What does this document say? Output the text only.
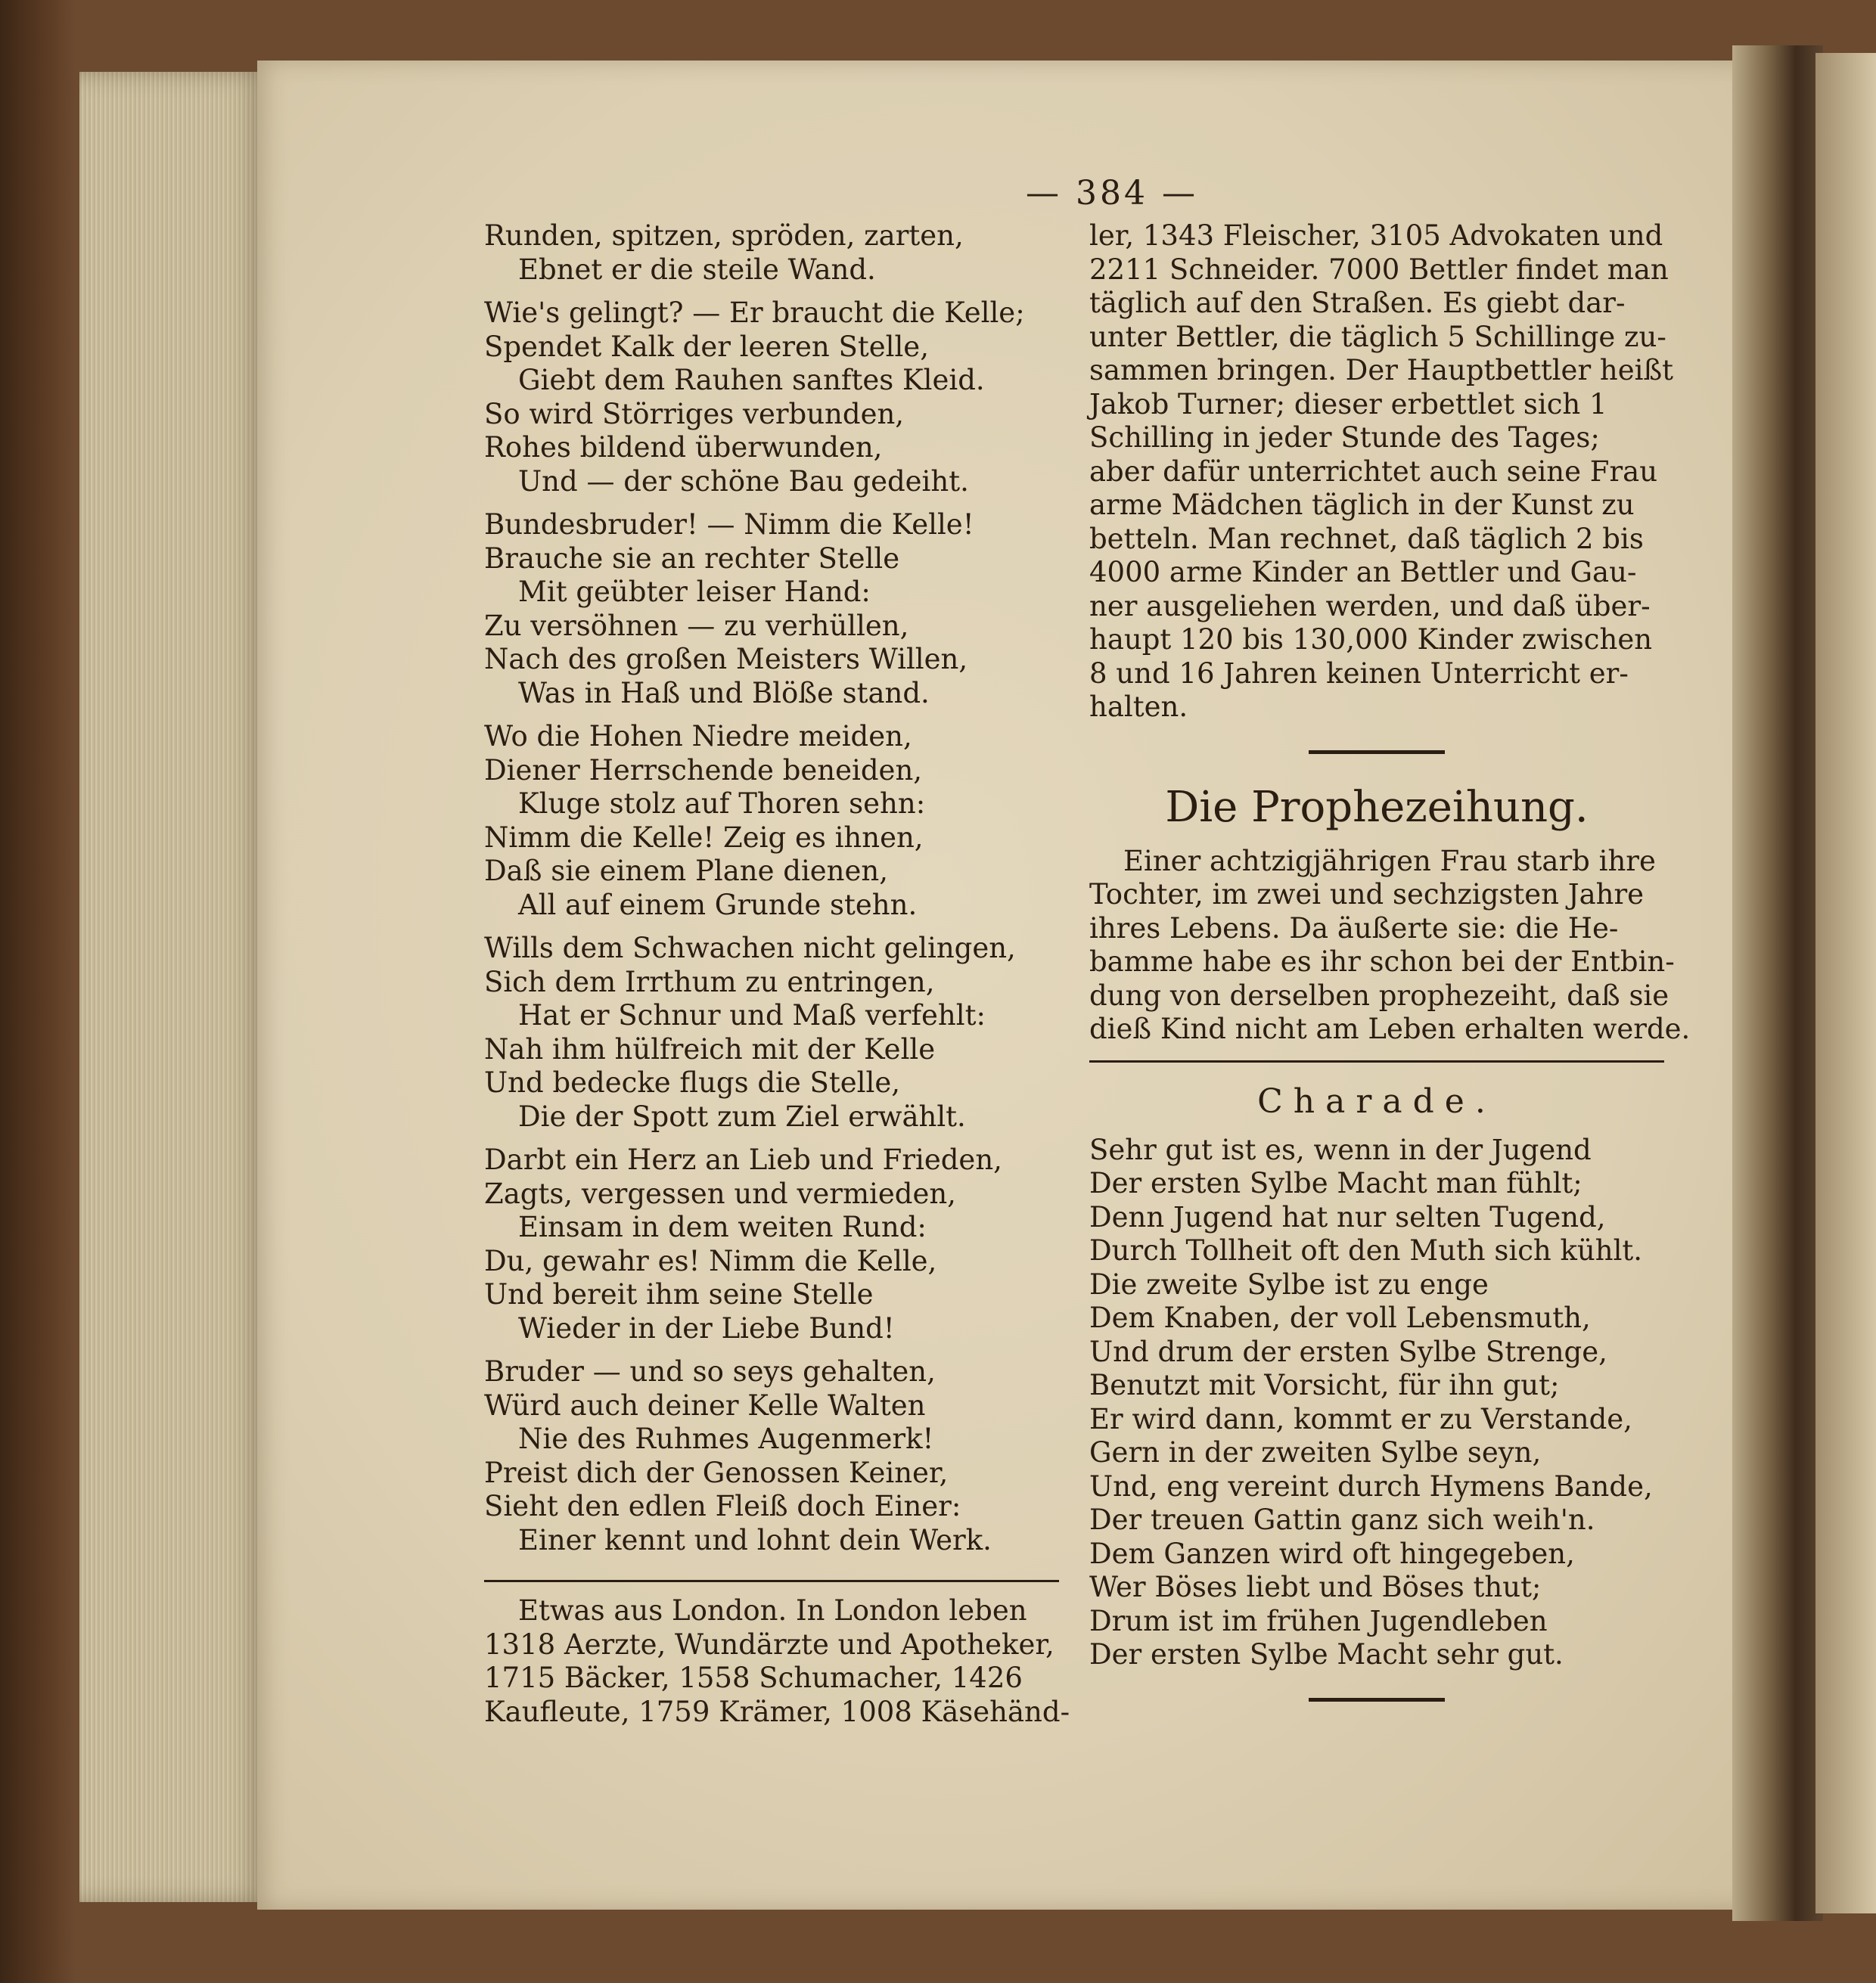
— 384 —
Runden, spitzen, spröden, zarten,
Ebnet er die steile Wand.
Wie's gelingt? — Er braucht die Kelle;
Spendet Kalk der leeren Stelle,
Giebt dem Rauhen sanftes Kleid.
So wird Störriges verbunden,
Rohes bildend überwunden,
Und — der schöne Bau gedeiht.
Bundesbruder! — Nimm die Kelle!
Brauche sie an rechter Stelle
Mit geübter leiser Hand:
Zu versöhnen — zu verhüllen,
Nach des großen Meisters Willen,
Was in Haß und Blöße stand.
Wo die Hohen Niedre meiden,
Diener Herrschende beneiden,
Kluge stolz auf Thoren sehn:
Nimm die Kelle! Zeig es ihnen,
Daß sie einem Plane dienen,
All auf einem Grunde stehn.
Wills dem Schwachen nicht gelingen,
Sich dem Irrthum zu entringen,
Hat er Schnur und Maß verfehlt:
Nah ihm hülfreich mit der Kelle
Und bedecke flugs die Stelle,
Die der Spott zum Ziel erwählt.
Darbt ein Herz an Lieb und Frieden,
Zagts, vergessen und vermieden,
Einsam in dem weiten Rund:
Du, gewahr es! Nimm die Kelle,
Und bereit ihm seine Stelle
Wieder in der Liebe Bund!
Bruder — und so seys gehalten,
Würd auch deiner Kelle Walten
Nie des Ruhmes Augenmerk!
Preist dich der Genossen Keiner,
Sieht den edlen Fleiß doch Einer:
Einer kennt und lohnt dein Werk.
Etwas aus London. In London leben
1318 Aerzte, Wundärzte und Apotheker,
1715 Bäcker, 1558 Schumacher, 1426
Kaufleute, 1759 Krämer, 1008 Käsehänd-
ler, 1343 Fleischer, 3105 Advokaten und
2211 Schneider. 7000 Bettler findet man
täglich auf den Straßen. Es giebt dar-
unter Bettler, die täglich 5 Schillinge zu-
sammen bringen. Der Hauptbettler heißt
Jakob Turner; dieser erbettlet sich 1
Schilling in jeder Stunde des Tages;
aber dafür unterrichtet auch seine Frau
arme Mädchen täglich in der Kunst zu
betteln. Man rechnet, daß täglich 2 bis
4000 arme Kinder an Bettler und Gau-
ner ausgeliehen werden, und daß über-
haupt 120 bis 130,000 Kinder zwischen
8 und 16 Jahren keinen Unterricht er-
halten.
Die Prophezeihung.
Einer achtzigjährigen Frau starb ihre
Tochter, im zwei und sechzigsten Jahre
ihres Lebens. Da äußerte sie: die He-
bamme habe es ihr schon bei der Entbin-
dung von derselben prophezeiht, daß sie
dieß Kind nicht am Leben erhalten werde.
Charade.
Sehr gut ist es, wenn in der Jugend
Der ersten Sylbe Macht man fühlt;
Denn Jugend hat nur selten Tugend,
Durch Tollheit oft den Muth sich kühlt.
Die zweite Sylbe ist zu enge
Dem Knaben, der voll Lebensmuth,
Und drum der ersten Sylbe Strenge,
Benutzt mit Vorsicht, für ihn gut;
Er wird dann, kommt er zu Verstande,
Gern in der zweiten Sylbe seyn,
Und, eng vereint durch Hymens Bande,
Der treuen Gattin ganz sich weih'n.
Dem Ganzen wird oft hingegeben,
Wer Böses liebt und Böses thut;
Drum ist im frühen Jugendleben
Der ersten Sylbe Macht sehr gut.
